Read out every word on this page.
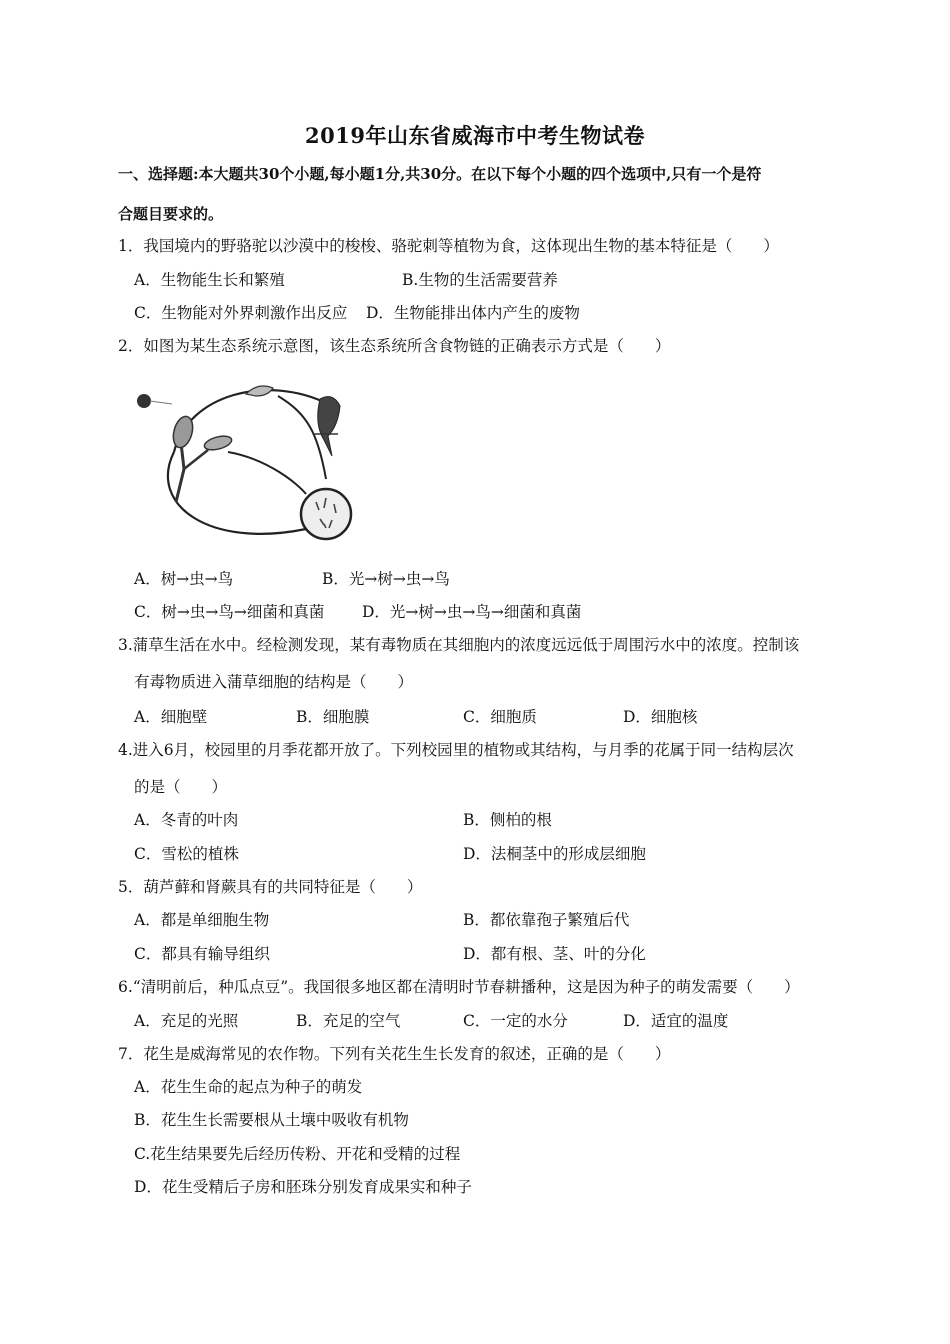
2019年山东省威海市中考生物试卷
一、选择题:本大题共30个小题,每小题1分,共30分。在以下每个小题的四个选项中,只有一个是符
合题目要求的。
1．我国境内的野骆驼以沙漠中的梭梭、骆驼刺等植物为食，这体现出生物的基本特征是（　　）
A．生物能生长和繁殖	B.生物的生活需要营养
C．生物能对外界刺激作出反应 D．生物能排出体内产生的废物
2．如图为某生态系统示意图，该生态系统所含食物链的正确表示方式是（　　）
A．树→虫→鸟	B．光→树→虫→鸟
C．树→虫→鸟→细菌和真菌 D．光→树→虫→鸟→细菌和真菌
3.蒲草生活在水中。经检测发现，某有毒物质在其细胞内的浓度远远低于周围污水中的浓度。控制该
有毒物质进入蒲草细胞的结构是（　　）
A．细胞壁	B．细胞膜	C．细胞质	D．细胞核
4.进入6月，校园里的月季花都开放了。下列校园里的植物或其结构，与月季的花属于同一结构层次
的是（　　）
A．冬青的叶肉	B．侧柏的根
C．雪松的植株	D．法桐茎中的形成层细胞
5．葫芦藓和肾蕨具有的共同特征是（　　）
A．都是单细胞生物	B．都依靠孢子繁殖后代
C．都具有输导组织	D．都有根、茎、叶的分化
6.“清明前后，种瓜点豆”。我国很多地区都在清明时节春耕播种，这是因为种子的萌发需要（　　）
A．充足的光照	B．充足的空气	C．一定的水分	D．适宜的温度
7．花生是威海常见的农作物。下列有关花生生长发育的叙述，正确的是（　　）
A．花生生命的起点为种子的萌发
B．花生生长需要根从土壤中吸收有机物
C.花生结果要先后经历传粉、开花和受精的过程
D．花生受精后子房和胚珠分别发育成果实和种子
